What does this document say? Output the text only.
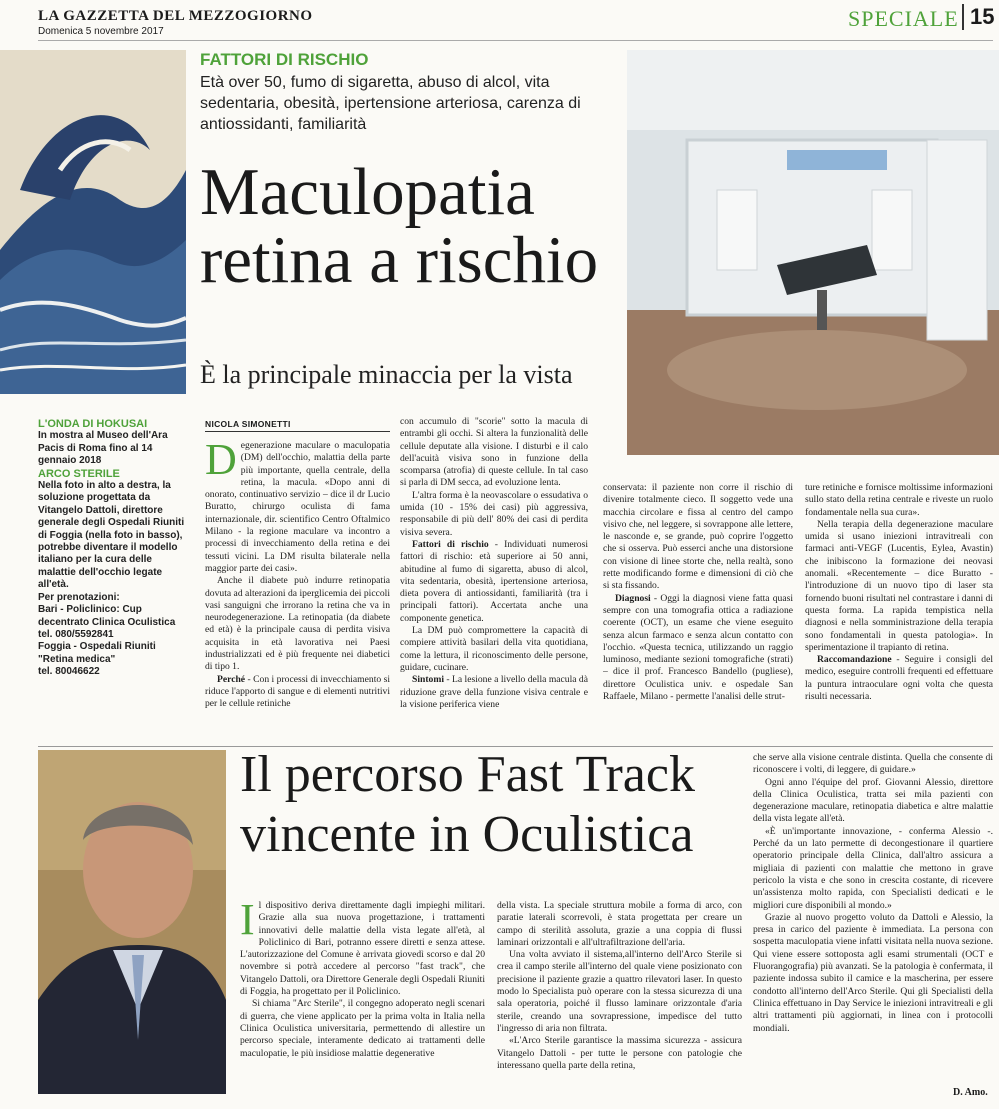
LA GAZZETTA DEL MEZZOGIORNO
Domenica 5 novembre 2017
SPECIALE 15
FATTORI DI RISCHIO
Età over 50, fumo di sigaretta, abuso di alcol, vita sedentaria, obesità, ipertensione arteriosa, carenza di antiossidanti, familiarità
Maculopatia
retina a rischio
È la principale minaccia per la vista
L'ONDA DI HOKUSAI
In mostra al Museo dell'Ara Pacis di Roma fino al 14 gennaio 2018
ARCO STERILE
Nella foto in alto a destra, la soluzione progettata da Vitangelo Dattoli, direttore generale degli Ospedali Riuniti di Foggia (nella foto in basso), potrebbe diventare il modello italiano per la cura delle malattie dell'occhio legate all'età.
Per prenotazioni:
Bari - Policlinico: Cup decentrato Clinica Oculistica tel. 080/5592841
Foggia - Ospedali Riuniti "Retina medica"
tel. 80046622
NICOLA SIMONETTI

Degenerazione maculare o maculopatia (DM) dell'occhio, malattia della parte più importante, quella centrale, della retina, la macula. «Dopo anni di onorato, continuativo servizio – dice il dr Lucio Buratto, chirurgo oculista di fama internazionale, dir. scientifico Centro Oftalmico Milano - la regione maculare va incontro a processi di invecchiamento della retina e dei tessuti vicini. La DM risulta bilaterale nella maggior parte dei casi».

Anche il diabete può indurre retinopatia dovuta ad alterazioni da iperglicemia dei piccoli vasi sanguigni che irrorano la retina che va in neurodegenerazione. La retinopatia (da diabete ed età) è la principale causa di perdita visiva acquisita in età lavorativa nei Paesi industrializzati ed è più frequente nei diabetici di tipo 1.

Perché - Con i processi di invecchiamento si riduce l'apporto di sangue e di elementi nutritivi per le cellule retiniche

con accumulo di "scorie" sotto la macula di entrambi gli occhi. Si altera la funzionalità delle cellule deputate alla visione. I disturbi e il calo dell'acuità visiva sono in funzione della scomparsa (atrofia) di queste cellule. In tal caso si parla di DM secca, ad evoluzione lenta.

L'altra forma è la neovascolare o essudativa o umida (10 - 15% dei casi) più aggressiva, responsabile di più dell' 80% dei casi di perdita visiva severa.

Fattori di rischio - Individuati numerosi fattori di rischio: età superiore ai 50 anni, abitudine al fumo di sigaretta, abuso di alcol, vita sedentaria, obesità, ipertensione arteriosa, dieta povera di antiossidanti, familiarità (tra i principali fattori). Accertata anche una componente genetica.

La DM può compromettere la capacità di compiere attività basilari della vita quotidiana, come la lettura, il riconoscimento delle persone, guidare, cucinare.

Sintomi - La lesione a livello della macula dà riduzione grave della funzione visiva centrale e la visione periferica viene

conservata: il paziente non corre il rischio di divenire totalmente cieco. Il soggetto vede una macchia circolare e fissa al centro del campo visivo che, nel leggere, si sovrappone alle lettere, le nasconde e, se grande, può coprire l'oggetto che si osserva. Può esserci anche una distorsione con visione di linee storte che, nella realtà, sono rette modificando forme e dimensioni di ciò che si sta fissando.

Diagnosi - Oggi la diagnosi viene fatta quasi sempre con una tomografia ottica a radiazione coerente (OCT), un esame che viene eseguito senza alcun farmaco e senza alcun contatto con l'occhio. «Questa tecnica, utilizzando un raggio luminoso, mediante sezioni tomografiche (strati) – dice il prof. Francesco Bandello (pugliese), direttore Oculistica univ. e ospedale San Raffaele, Milano - permette l'analisi delle strut-

ture retiniche e fornisce moltissime informazioni sullo stato della retina centrale e riveste un ruolo fondamentale nella sua cura».

Nella terapia della degenerazione maculare umida si usano iniezioni intravitreali con farmaci anti-VEGF (Lucentis, Eylea, Avastin) che inibiscono la formazione dei neovasi anomali. «Recentemente – dice Buratto - l'introduzione di un nuovo tipo di laser sta fornendo buoni risultati nel contrastare i danni di questa forma. La rapida tempistica nella diagnosi e nella somministrazione della terapia sono fondamentali in questa patologia». In sperimentazione il trapianto di retina.

Raccomandazione - Seguire i consigli del medico, eseguire controlli frequenti ed effettuare la puntura intraoculare ogni volta che questa risulti necessaria.

Il percorso Fast Track
vincente in Oculistica

Il dispositivo deriva direttamente dagli impieghi militari. Grazie alla sua nuova progettazione, i trattamenti innovativi delle malattie della vista legate all'età, al Policlinico di Bari, potranno essere diretti e senza attese. L'autorizzazione del Comune è arrivata giovedì scorso e dal 20 novembre si potrà accedere al percorso "fast track", che Vitangelo Dattoli, ora Direttore Generale degli Ospedali Riuniti di Foggia, ha progettato per il Policlinico.

Si chiama "Arc Sterile", il congegno adoperato negli scenari di guerra, che viene applicato per la prima volta in Italia nella Clinica Oculistica universitaria, permettendo di allestire un percorso speciale, interamente dedicato ai trattamenti delle maculopatie, le più insidiose malattie degenerative

della vista. La speciale struttura mobile a forma di arco, con paratie laterali scorrevoli, è stata progettata per creare un campo di sterilità assoluta, grazie a una coppia di flussi laminari orizzontali e all'ultrafiltrazione dell'aria.

Una volta avviato il sistema,all'interno dell'Arco Sterile si crea il campo sterile all'interno del quale viene posizionato con precisione il paziente grazie a quattro rilevatori laser. In questo modo lo Specialista può operare con la stessa sicurezza di una sala operatoria, poiché il flusso laminare orizzontale d'aria sterile, creando una sovrapressione, impedisce del tutto l'ingresso di aria non filtrata.

«L'Arco Sterile garantisce la massima sicurezza - assicura Vitangelo Dattoli - per tutte le persone con patologie che interessano quella parte della retina,

che serve alla visione centrale distinta. Quella che consente di riconoscere i volti, di leggere, di guidare.»

Ogni anno l'équipe del prof. Giovanni Alessio, direttore della Clinica Oculistica, tratta sei mila pazienti con degenerazione maculare, retinopatia diabetica e altre malattie della vista legate all'età.

«È un'importante innovazione, - conferma Alessio -. Perché da un lato permette di decongestionare il quartiere operatorio principale della Clinica, dall'altro assicura a migliaia di pazienti con malattie che mettono in grave pericolo la vista e che sono in crescita costante, di ricevere un'assistenza molto rapida, con Specialisti dedicati e le migliori cure disponibili al mondo.»

Grazie al nuovo progetto voluto da Dattoli e Alessio, la presa in carico del paziente è immediata. La persona con sospetta maculopatia viene infatti visitata nella nuova sezione. Qui viene essere sottoposta agli esami strumentali (OCT e Fluorangografia) più avanzati. Se la patologia è confermata, il paziente indossa subito il camice e la mascherina, per essere condotto all'interno dell'Arco Sterile. Qui gli Specialisti della Clinica effettuano in Day Service le iniezioni intravitreali e gli altri trattamenti più aggiornati, in linea con i protocolli mondiali.

D. Amo.
